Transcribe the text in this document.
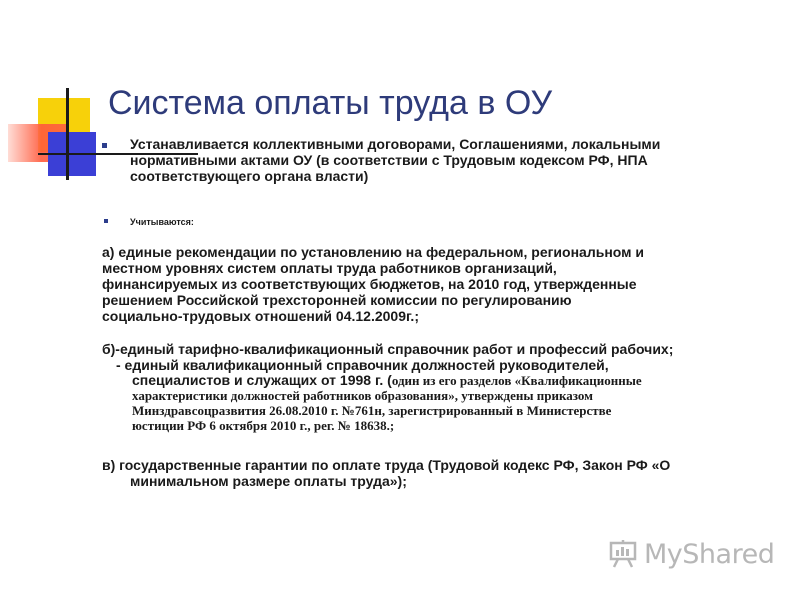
Система оплаты труда в ОУ
Устанавливается коллективными договорами, Соглашениями, локальными
нормативными актами ОУ (в соответствии с Трудовым кодексом РФ, НПА
соответствующего органа власти)
Учитываются:
а) единые рекомендации по установлению на федеральном, региональном и
местном уровнях систем оплаты труда работников организаций,
финансируемых из соответствующих бюджетов, на 2010 год, утвержденные
решением Российской трехсторонней комиссии по регулированию
социально-трудовых отношений 04.12.2009г.;
б)-единый тарифно-квалификационный справочник работ и профессий рабочих;
- единый квалификационный справочник должностей руководителей,
специалистов и служащих от 1998 г. (один из его разделов «Квалификационные
характеристики должностей работников образования», утверждены приказом
Минздравсоцразвития 26.08.2010 г. №761н, зарегистрированный в Министерстве
юстиции РФ 6 октября 2010 г., рег. № 18638.;
в) государственные гарантии по оплате труда (Трудовой кодекс РФ, Закон РФ «О
минимальном размере оплаты труда»);
MyShared
